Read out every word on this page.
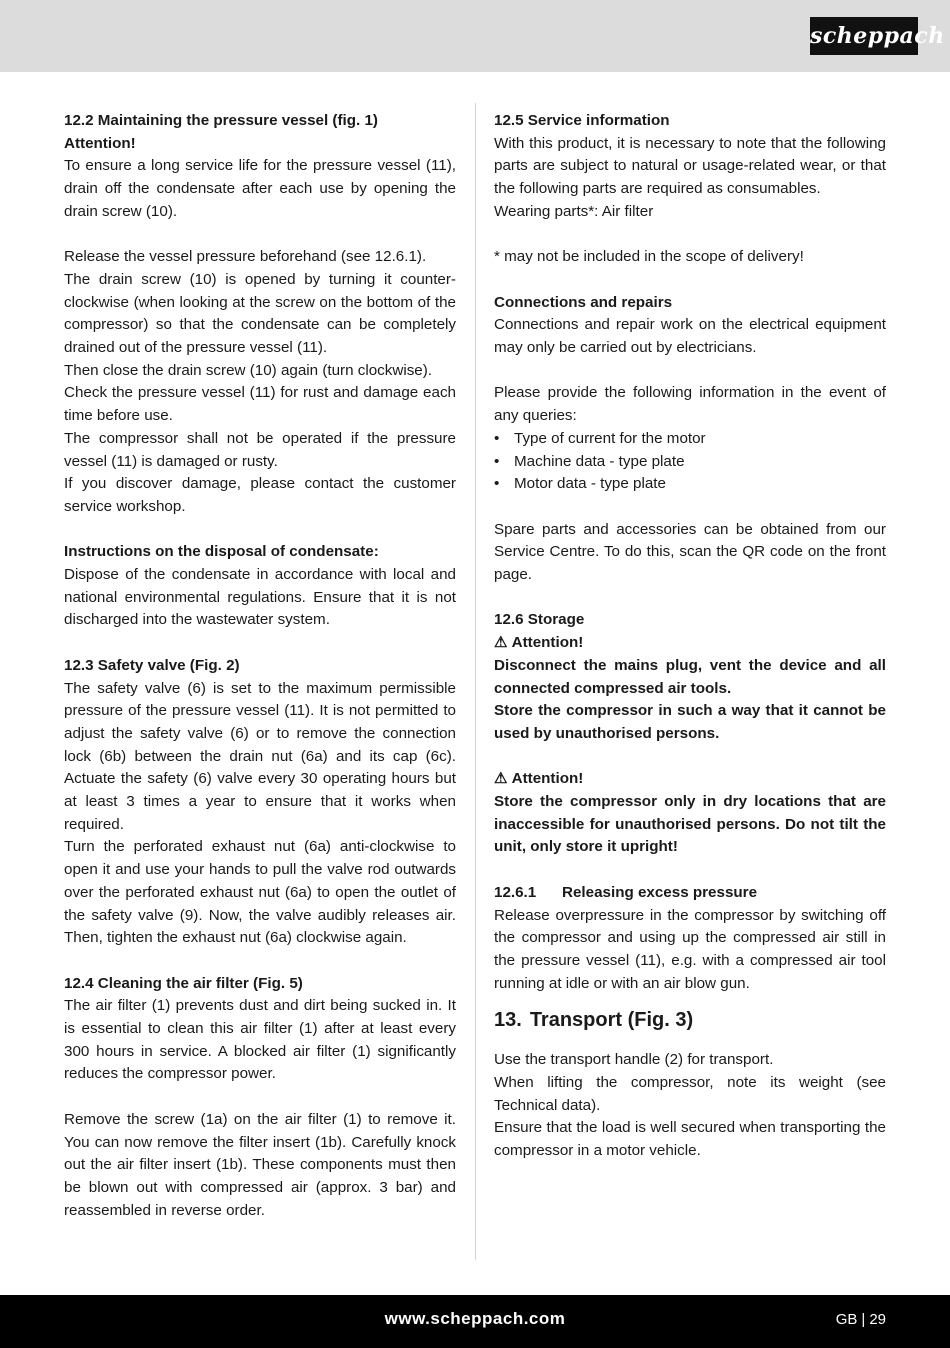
scheppach

12.2 Maintaining the pressure vessel (fig. 1)

Attention!

To ensure a long service life for the pressure vessel (11), drain off the condensate after each use by opening the drain screw (10).

Release the vessel pressure beforehand (see 12.6.1).

The drain screw (10) is opened by turning it counter-clockwise (when looking at the screw on the bottom of the compressor) so that the condensate can be completely drained out of the pressure vessel (11).

Then close the drain screw (10) again (turn clockwise).

Check the pressure vessel (11) for rust and damage each time before use.

The compressor shall not be operated if the pressure vessel (11) is damaged or rusty.

If you discover damage, please contact the customer service workshop.

Instructions on the disposal of condensate:

Dispose of the condensate in accordance with local and national environmental regulations. Ensure that it is not discharged into the wastewater system.

12.3 Safety valve (Fig. 2)

The safety valve (6) is set to the maximum permissible pressure of the pressure vessel (11). It is not permitted to adjust the safety valve (6) or to remove the connection lock (6b) between the drain nut (6a) and its cap (6c). Actuate the safety (6) valve every 30 operating hours but at least 3 times a year to ensure that it works when required.

Turn the perforated exhaust nut (6a) anti-clockwise to open it and use your hands to pull the valve rod outwards over the perforated exhaust nut (6a) to open the outlet of the safety valve (9). Now, the valve audibly releases air. Then, tighten the exhaust nut (6a) clockwise again.

12.4 Cleaning the air filter (Fig. 5)

The air filter (1) prevents dust and dirt being sucked in. It is essential to clean this air filter (1) after at least every 300 hours in service. A blocked air filter (1) significantly reduces the compressor power.

Remove the screw (1a) on the air filter (1) to remove it. You can now remove the filter insert (1b). Carefully knock out the air filter insert (1b). These components must then be blown out with compressed air (approx. 3 bar) and reassembled in reverse order.

12.5 Service information

With this product, it is necessary to note that the following parts are subject to natural or usage-related wear, or that the following parts are required as consumables.

Wearing parts*: Air filter

* may not be included in the scope of delivery!

Connections and repairs

Connections and repair work on the electrical equipment may only be carried out by electricians.

Please provide the following information in the event of any queries:

• Type of current for the motor
• Machine data - type plate
• Motor data - type plate

Spare parts and accessories can be obtained from our Service Centre. To do this, scan the QR code on the front page.

12.6 Storage

⚠ Attention!

Disconnect the mains plug, vent the device and all connected compressed air tools.

Store the compressor in such a way that it cannot be used by unauthorised persons.

⚠ Attention!

Store the compressor only in dry locations that are inaccessible for unauthorised persons. Do not tilt the unit, only store it upright!

12.6.1 Releasing excess pressure

Release overpressure in the compressor by switching off the compressor and using up the compressed air still in the pressure vessel (11), e.g. with a compressed air tool running at idle or with an air blow gun.

13. Transport (Fig. 3)

Use the transport handle (2) for transport.

When lifting the compressor, note its weight (see Technical data).

Ensure that the load is well secured when transporting the compressor in a motor vehicle.

www.scheppach.com	GB | 29
